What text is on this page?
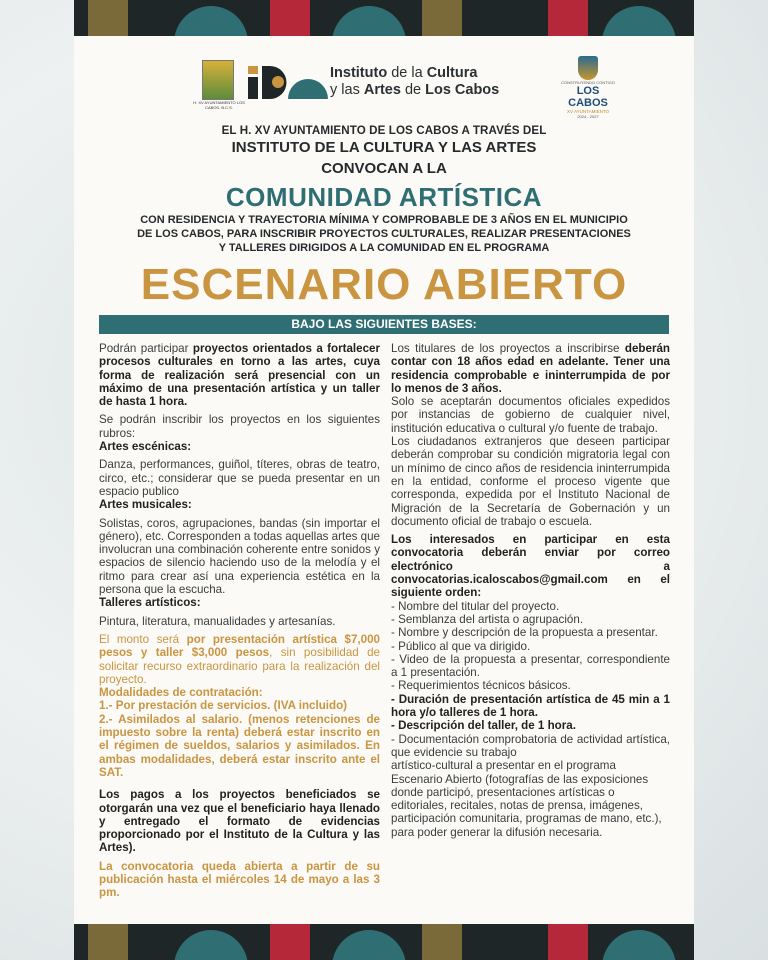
H. XV AYUNTAMIENTO LOS CABOS, B.C.S.
Instituto de la Cultura
y las Artes de Los Cabos	CONSTRUYENDO CONTIGO
LOS CABOS
XV AYUNTAMIENTO
2024 - 2027
EL H. XV AYUNTAMIENTO DE LOS CABOS A TRAVÉS DEL
INSTITUTO DE LA CULTURA Y LAS ARTES
CONVOCAN A LA
COMUNIDAD ARTÍSTICA
CON RESIDENCIA Y TRAYECTORIA MÍNIMA Y COMPROBABLE DE 3 AÑOS EN EL MUNICIPIO
DE LOS CABOS, PARA INSCRIBIR PROYECTOS CULTURALES, REALIZAR PRESENTACIONES
Y TALLERES DIRIGIDOS A LA COMUNIDAD EN EL PROGRAMA
ESCENARIO ABIERTO
BAJO LAS SIGUIENTES BASES:

Podrán participar proyectos orientados a fortalecer procesos culturales en torno a las artes, cuya forma de realización será presencial con un máximo de una presentación artística y un taller de hasta 1 hora.

Se podrán inscribir los proyectos en los siguientes rubros:

Artes escénicas:

Danza, performances, guiñol, títeres, obras de teatro, circo, etc.; considerar que se pueda presentar en un espacio publico

Artes musicales:

Solistas, coros, agrupaciones, bandas (sin importar el género), etc. Corresponden a todas aquellas artes que involucran una combinación coherente entre sonidos y espacios de silencio haciendo uso de la melodía y el ritmo para crear así una experiencia estética en la persona que la escucha.

Talleres artísticos:

Pintura, literatura, manualidades y artesanías.

El monto será por presentación artística $7,000 pesos y taller $3,000 pesos, sin posibilidad de solicitar recurso extraordinario para la realización del proyecto.

Modalidades de contratación:

1.- Por prestación de servicios. (IVA incluido)

2.- Asimilados al salario. (menos retenciones de impuesto sobre la renta) deberá estar inscrito en el régimen de sueldos, salarios y asimilados. En ambas modalidades, deberá estar inscrito ante el SAT.

Los pagos a los proyectos beneficiados se otorgarán una vez que el beneficiario haya llenado y entregado el formato de evidencias proporcionado por el Instituto de la Cultura y las Artes).

La convocatoria queda abierta a partir de su publicación hasta el miércoles 14 de mayo a las 3 pm.

Los titulares de los proyectos a inscribirse deberán contar con 18 años edad en adelante. Tener una residencia comprobable e ininterrumpida de por lo menos de 3 años.

Solo se aceptarán documentos oficiales expedidos por instancias de gobierno de cualquier nivel, institución educativa o cultural y/o fuente de trabajo.

Los ciudadanos extranjeros que deseen participar deberán comprobar su condición migratoria legal con un mínimo de cinco años de residencia ininterrumpida en la entidad, conforme el proceso vigente que corresponda, expedida por el Instituto Nacional de Migración de la Secretaría de Gobernación y un documento oficial de trabajo o escuela.

Los interesados en participar en esta convocatoria deberán enviar por correo electrónico a convocatorias.icaloscabos@gmail.com en el siguiente orden:

- Nombre del titular del proyecto.

- Semblanza del artista o agrupación.

- Nombre y descripción de la propuesta a presentar.

- Público al que va dirigido.

- Video de la propuesta a presentar, correspondiente a 1 presentación.

- Requerimientos técnicos básicos.

- Duración de presentación artística de 45 min a 1 hora y/o talleres de 1 hora.

- Descripción del taller, de 1 hora.

- Documentación comprobatoria de actividad artística, que evidencie su trabajo

artístico-cultural a presentar en el programa Escenario Abierto (fotografías de las exposiciones donde participó, presentaciones artísticas o editoriales, recitales, notas de prensa, imágenes, participación comunitaria, programas de mano, etc.), para poder generar la difusión necesaria.
